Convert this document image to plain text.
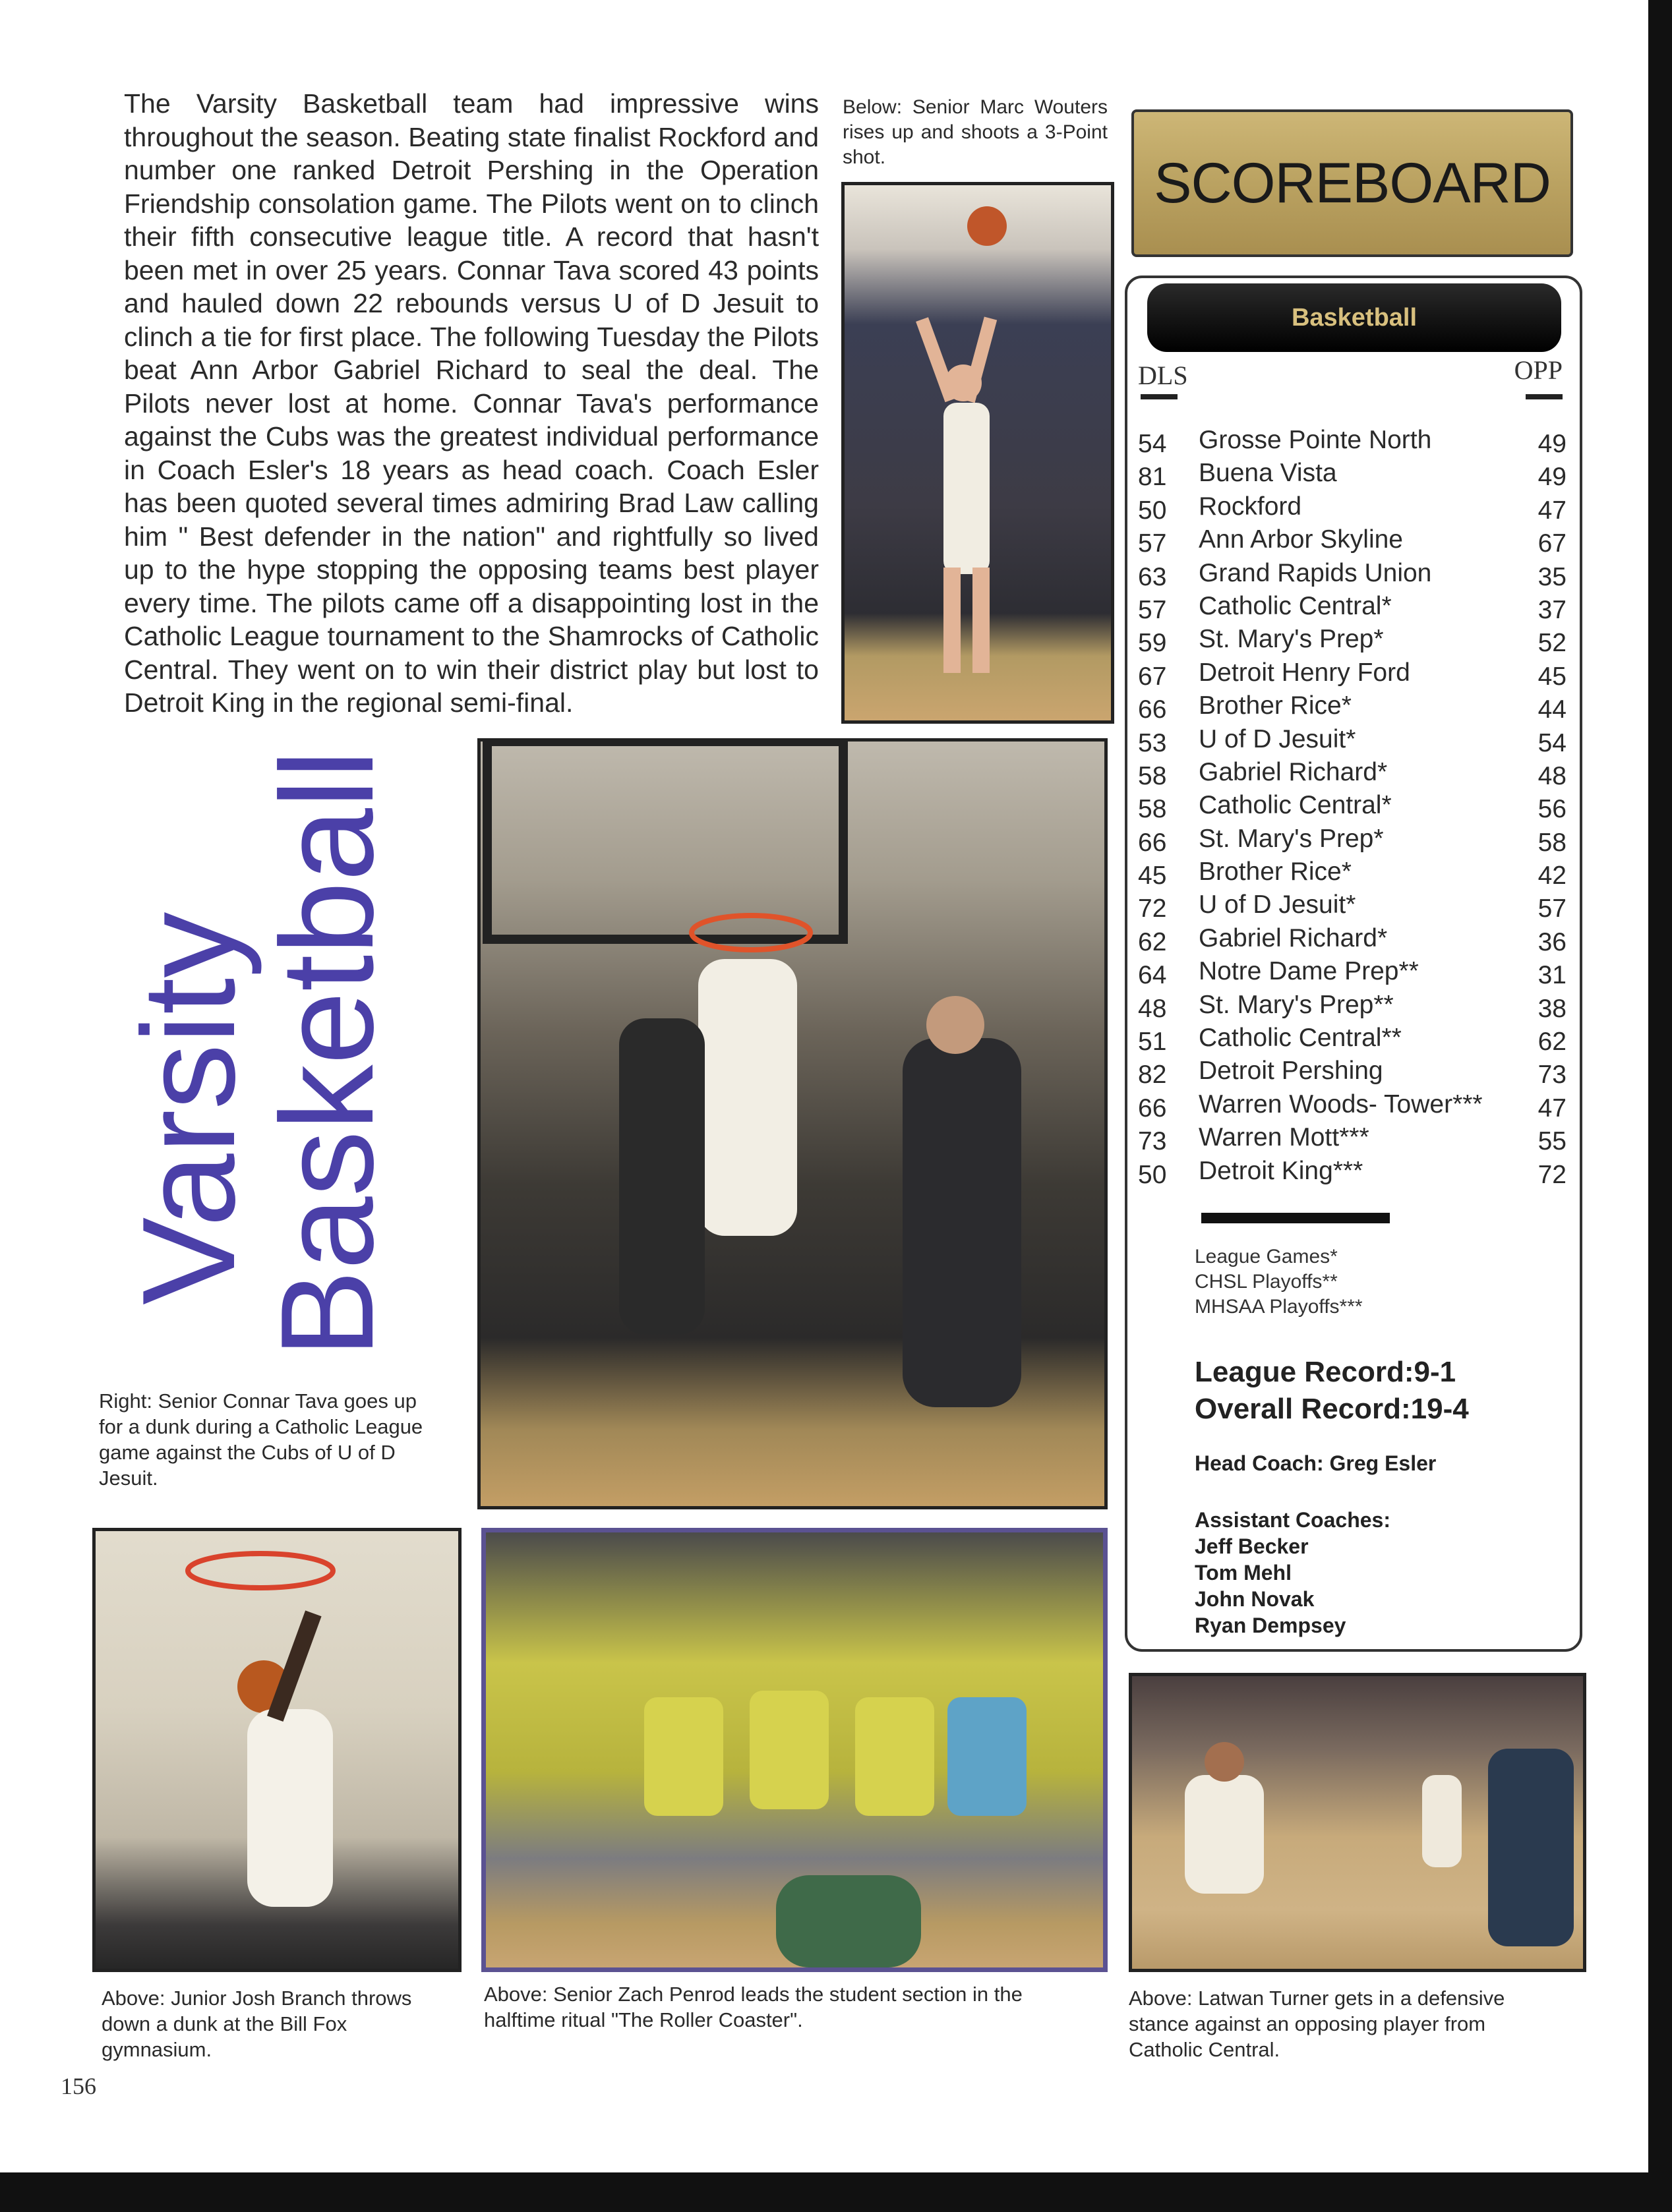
The Varsity Basketball team had impressive wins throughout the season. Beating state finalist Rockford and number one ranked Detroit Pershing in the Operation Friendship consolation game. The Pilots went on to clinch their fifth consecutive league title. A record that hasn't been met in over 25 years. Connar Tava scored 43 points and hauled down 22 rebounds versus U of D Jesuit to clinch a tie for first place. The following Tuesday the Pilots beat Ann Arbor Gabriel Richard to seal the deal. The Pilots never lost at home. Connar Tava's performance against the Cubs was the greatest individual performance in Coach Esler's 18 years as head coach. Coach Esler has been quoted several times admiring Brad Law calling him " Best defender in the nation" and rightfully so lived up to the hype stopping the opposing teams best player every time. The pilots came off a disappointing lost in the Catholic League tournament to the Shamrocks of Catholic Central. They went on to win their district play but lost to Detroit King in the regional semi-final.

Below: Senior Marc Wouters rises up and shoots a 3-Point shot.
Varsity
Basketball
Right: Senior Connar Tava goes up for a dunk during a Catholic League game against the Cubs of U of D Jesuit.
Above: Junior Josh Branch throws down a dunk at the Bill Fox gymnasium.
Above: Senior Zach Penrod leads the student section in the halftime ritual "The Roller Coaster".
Above: Latwan Turner gets in a defensive stance against an opposing player from Catholic Central.
SCOREBOARD
Basketball
DLS	OPP
54 Grosse Pointe North	49
81 Buena Vista	49
50 Rockford	47
57 Ann Arbor Skyline	67
63 Grand Rapids Union	35
57 Catholic Central*	37
59 St. Mary's Prep*	52
67 Detroit Henry Ford	45
66 Brother Rice*	44
53 U of D Jesuit*	54
58 Gabriel Richard*	48
58 Catholic Central*	56
66 St. Mary's Prep*	58
45 Brother Rice*	42
72 U of D Jesuit*	57
62 Gabriel Richard*	36
64 Notre Dame Prep**	31
48 St. Mary's Prep**	38
51 Catholic Central**	62
82 Detroit Pershing	73
66 Warren Woods- Tower*** 47
73 Warren Mott***	55
50 Detroit King***	72
League Games*
CHSL Playoffs**
MHSAA Playoffs***
League Record:9-1
Overall Record:19-4
Head Coach: Greg Esler
Assistant Coaches:
Jeff Becker
Tom Mehl
John Novak
Ryan Dempsey
156
